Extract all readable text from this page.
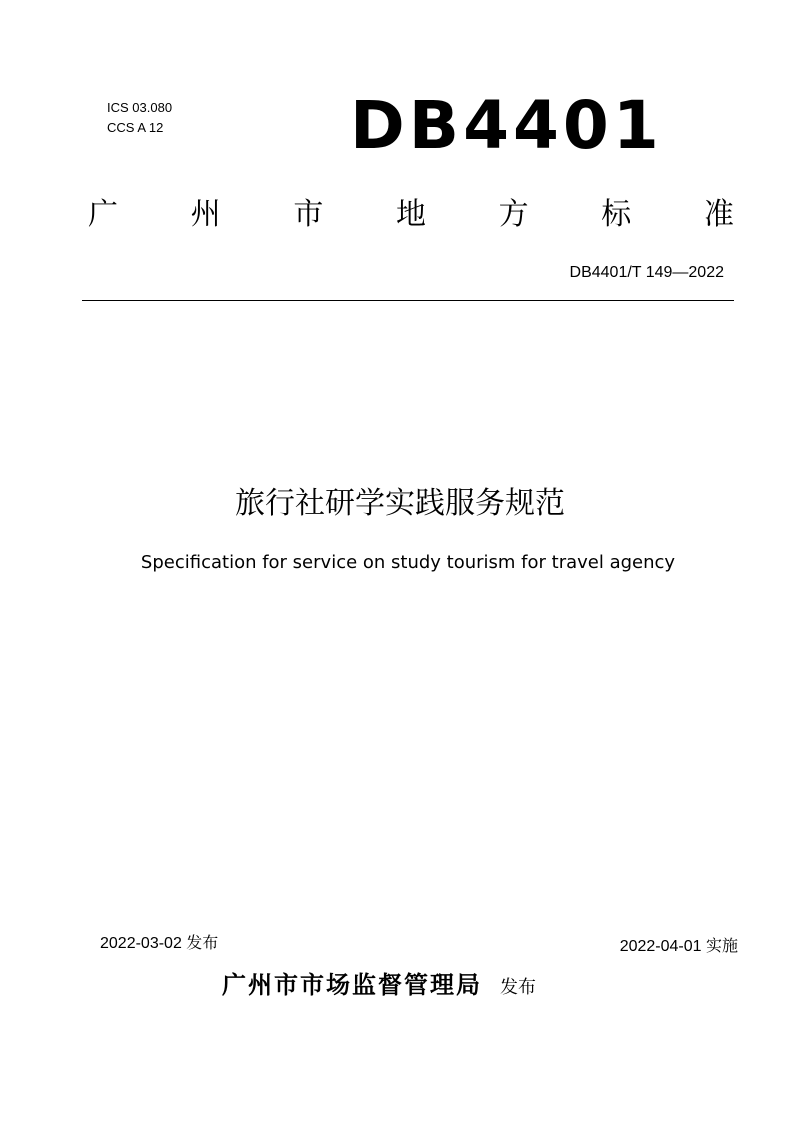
ICS 03.080
CCS A 12	DB4401
广 州 市 地 方 标 准
DB4401/T 149—2022
旅行社研学实践服务规范
Specification for service on study tourism for travel agency
2022-03-02 发布	2022-04-01 实施
广州市市场监督管理局 发布
